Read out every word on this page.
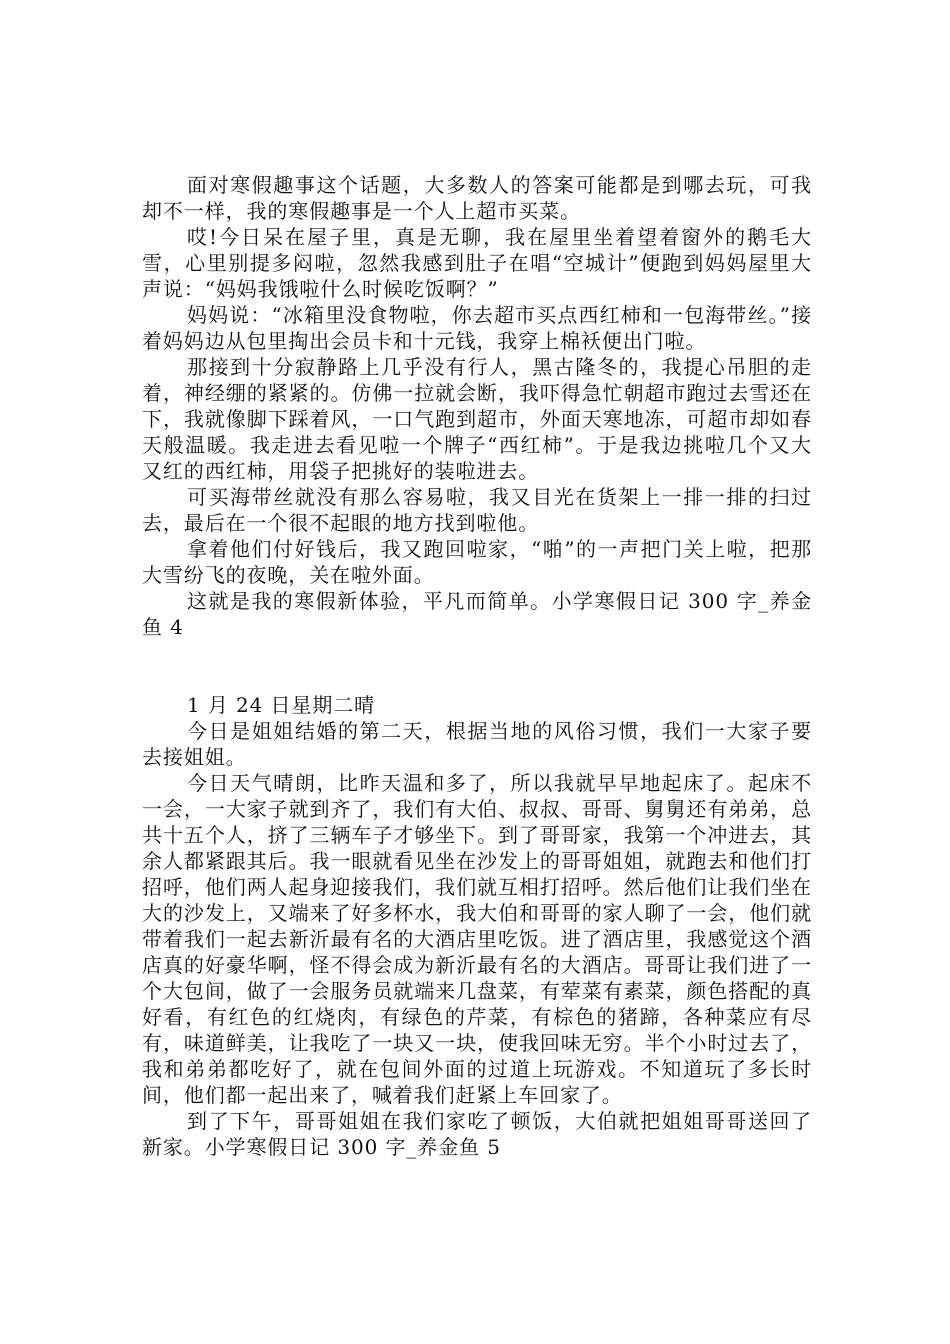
面对寒假趣事这个话题，大多数人的答案可能都是到哪去玩，可我却不一样，我的寒假趣事是一个人上超市买菜。

哎!今日呆在屋子里，真是无聊，我在屋里坐着望着窗外的鹅毛大雪，心里别提多闷啦，忽然我感到肚子在唱“空城计”便跑到妈妈屋里大声说：“妈妈我饿啦什么时候吃饭啊？”

妈妈说：“冰箱里没食物啦，你去超市买点西红柿和一包海带丝。”接着妈妈边从包里掏出会员卡和十元钱，我穿上棉袄便出门啦。

那接到十分寂静路上几乎没有行人，黑古隆冬的，我提心吊胆的走着，神经绷的紧紧的。仿佛一拉就会断，我吓得急忙朝超市跑过去雪还在下，我就像脚下踩着风，一口气跑到超市，外面天寒地冻，可超市却如春天般温暖。我走进去看见啦一个牌子“西红柿”。于是我边挑啦几个又大又红的西红柿，用袋子把挑好的装啦进去。

可买海带丝就没有那么容易啦，我又目光在货架上一排一排的扫过去，最后在一个很不起眼的地方找到啦他。

拿着他们付好钱后，我又跑回啦家，“啪”的一声把门关上啦，把那大雪纷飞的夜晚，关在啦外面。

这就是我的寒假新体验，平凡而简单。小学寒假日记 300 字_养金鱼 4

1 月 24 日星期二晴

今日是姐姐结婚的第二天，根据当地的风俗习惯，我们一大家子要去接姐姐。

今日天气晴朗，比昨天温和多了，所以我就早早地起床了。起床不一会，一大家子就到齐了，我们有大伯、叔叔、哥哥、舅舅还有弟弟，总共十五个人，挤了三辆车子才够坐下。到了哥哥家，我第一个冲进去，其余人都紧跟其后。我一眼就看见坐在沙发上的哥哥姐姐，就跑去和他们打招呼，他们两人起身迎接我们，我们就互相打招呼。然后他们让我们坐在大的沙发上，又端来了好多杯水，我大伯和哥哥的家人聊了一会，他们就带着我们一起去新沂最有名的大酒店里吃饭。进了酒店里，我感觉这个酒店真的好豪华啊，怪不得会成为新沂最有名的大酒店。哥哥让我们进了一个大包间，做了一会服务员就端来几盘菜，有荤菜有素菜，颜色搭配的真好看，有红色的红烧肉，有绿色的芹菜，有棕色的猪蹄，各种菜应有尽有，味道鲜美，让我吃了一块又一块，使我回味无穷。半个小时过去了，我和弟弟都吃好了，就在包间外面的过道上玩游戏。不知道玩了多长时间，他们都一起出来了，喊着我们赶紧上车回家了。

到了下午，哥哥姐姐在我们家吃了顿饭，大伯就把姐姐哥哥送回了新家。小学寒假日记 300 字_养金鱼 5
